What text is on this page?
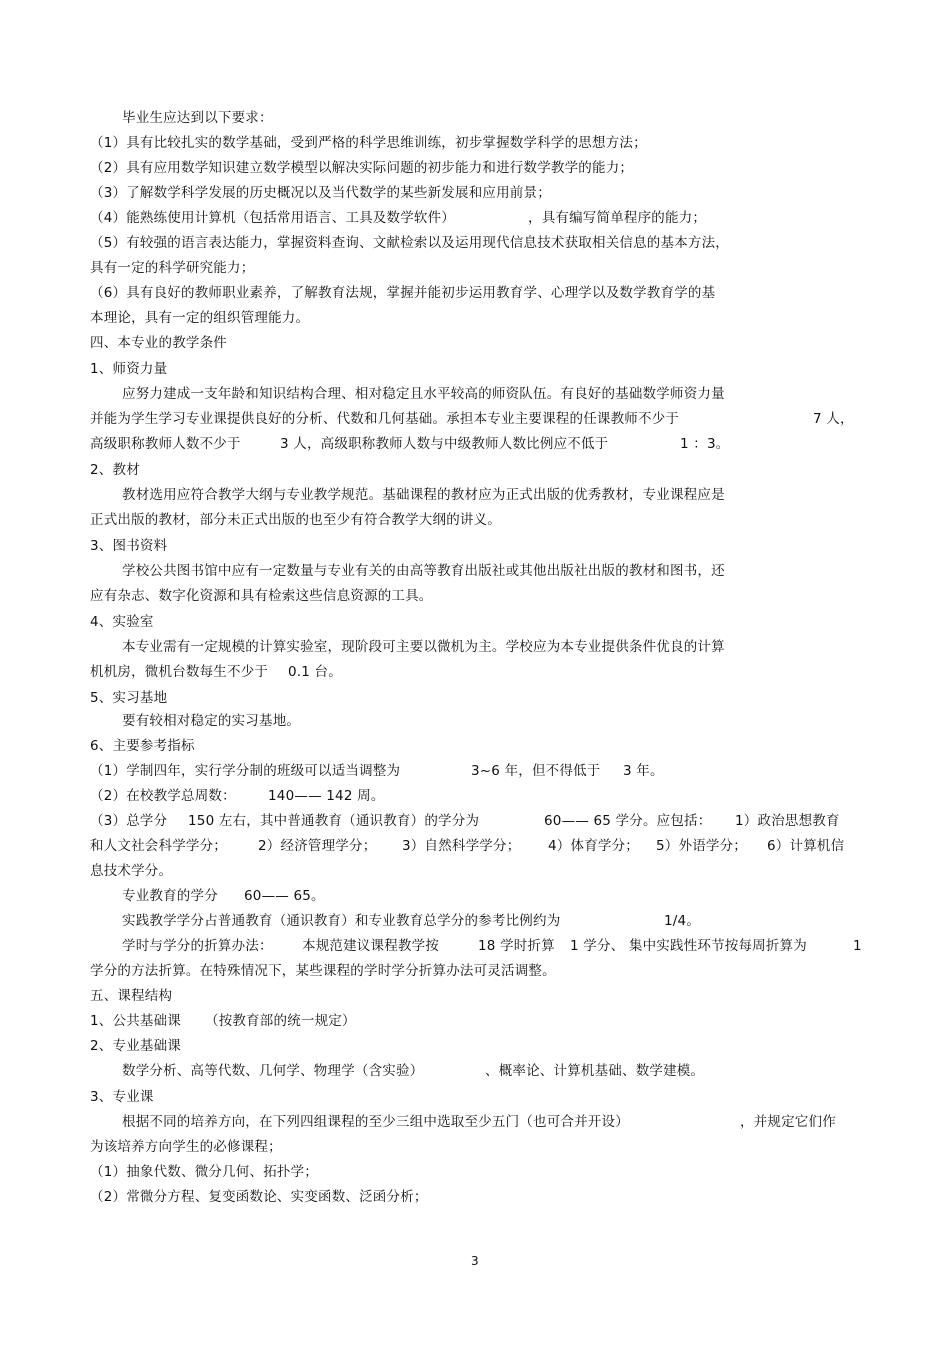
毕业生应达到以下要求：
（1）具有比较扎实的数学基础，受到严格的科学思维训练，初步掌握数学科学的思想方法；
（2）具有应用数学知识建立数学模型以解决实际问题的初步能力和进行数学教学的能力；
（3）了解数学科学发展的历史概况以及当代数学的某些新发展和应用前景；
（4）能熟练使用计算机（包括常用语言、工具及数学软件）	，具有编写简单程序的能力；
（5）有较强的语言表达能力，掌握资料查询、文献检索以及运用现代信息技术获取相关信息的基本方法，
具有一定的科学研究能力；
（6）具有良好的教师职业素养，了解教育法规，掌握并能初步运用教育学、心理学以及数学教育学的基
本理论，具有一定的组织管理能力。
四、本专业的教学条件
1、师资力量
应努力建成一支年龄和知识结构合理、相对稳定且水平较高的师资队伍。有良好的基础数学师资力量
并能为学生学习专业课提供良好的分析、代数和几何基础。承担本专业主要课程的任课教师不少于	7 人，
高级职称教师人数不少于	3 人，高级职称教师人数与中级教师人数比例应不低于	1 ：3。
2、教材
教材选用应符合教学大纲与专业教学规范。基础课程的教材应为正式出版的优秀教材，专业课程应是
正式出版的教材，部分未正式出版的也至少有符合教学大纲的讲义。
3、图书资料
学校公共图书馆中应有一定数量与专业有关的由高等教育出版社或其他出版社出版的教材和图书，还
应有杂志、数字化资源和具有检索这些信息资源的工具。
4、实验室
本专业需有一定规模的计算实验室，现阶段可主要以微机为主。学校应为本专业提供条件优良的计算
机机房，微机台数每生不少于 0.1 台。
5、实习基地
要有较相对稳定的实习基地。
6、主要参考指标
（1）学制四年，实行学分制的班级可以适当调整为	3~6 年，但不得低于 3 年。
（2）在校教学总周数： 140—— 142 周。
（3）总学分 150 左右，其中普通教育（通识教育）的学分为	60—— 65 学分。应包括： 1）政治思想教育
和人文社会科学学分； 2）经济管理学分； 3）自然科学学分； 4）体育学分； 5）外语学分； 6）计算机信
息技术学分。
专业教育的学分 60—— 65。
实践教学学分占普通教育（通识教育）和专业教育总学分的参考比例约为	1/4。
学时与学分的折算办法： 本规范建议课程教学按	18 学时折算 1 学分、 集中实践性环节按每周折算为	1
学分的方法折算。在特殊情况下，某些课程的学时学分折算办法可灵活调整。
五、课程结构
1、公共基础课 （按教育部的统一规定）
2、专业基础课
数学分析、高等代数、几何学、物理学（含实验）	、概率论、计算机基础、数学建模。
3、专业课
根据不同的培养方向，在下列四组课程的至少三组中选取至少五门（也可合并开设）	，并规定它们作
为该培养方向学生的必修课程；
（1）抽象代数、微分几何、拓扑学；
（2）常微分方程、复变函数论、实变函数、泛函分析；
3
